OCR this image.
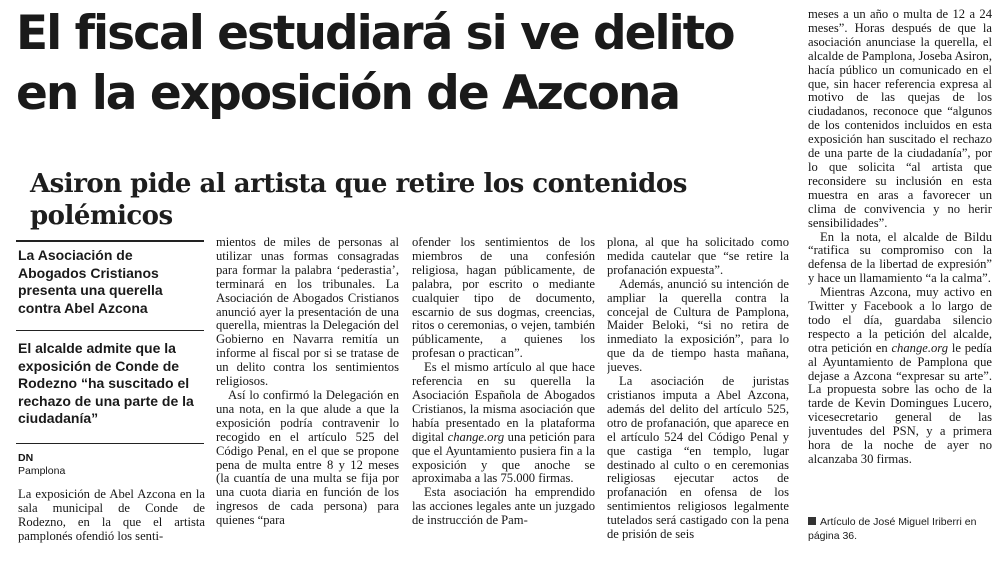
El fiscal estudiará si ve delito
en la exposición de Azcona
Asiron pide al artista que retire los contenidos polémicos

La Asociación de Abogados Cristianos presenta una querella contra Abel Azcona

El alcalde admite que la exposición de Conde de Rodezno “ha suscitado el rechazo de una parte de la ciudadanía”

DN
Pamplona

La exposición de Abel Azcona en la sala municipal de Conde de Rodezno, en la que el artista pamplonés ofendió los senti-

mientos de miles de personas al utilizar unas formas consagradas para formar la palabra ‘pederastia’, terminará en los tribunales. La Asociación de Abogados Cristianos anunció ayer la presentación de una querella, mientras la Delegación del Gobierno en Navarra remitía un informe al fiscal por si se tratase de un delito contra los sentimientos religiosos.

Así lo confirmó la Delegación en una nota, en la que alude a que la exposición podría contravenir lo recogido en el artículo 525 del Código Penal, en el que se propone pena de multa entre 8 y 12 meses (la cuantía de una multa se fija por una cuota diaria en función de los ingresos de cada persona) para quienes “para

ofender los sentimientos de los miembros de una confesión religiosa, hagan públicamente, de palabra, por escrito o mediante cualquier tipo de documento, escarnio de sus dogmas, creencias, ritos o ceremonias, o vejen, también públicamente, a quienes los profesan o practican”.

Es el mismo artículo al que hace referencia en su querella la Asociación Española de Abogados Cristianos, la misma asociación que había presentado en la plataforma digital change.org una petición para que el Ayuntamiento pusiera fin a la exposición y que anoche se aproximaba a las 75.000 firmas.

Esta asociación ha emprendido las acciones legales ante un juzgado de instrucción de Pam-

plona, al que ha solicitado como medida cautelar que “se retire la profanación expuesta”.

Además, anunció su intención de ampliar la querella contra la concejal de Cultura de Pamplona, Maider Beloki, “si no retira de inmediato la exposición”, para lo que da de tiempo hasta mañana, jueves.

La asociación de juristas cristianos imputa a Abel Azcona, además del delito del artículo 525, otro de profanación, que aparece en el artículo 524 del Código Penal y que castiga “en templo, lugar destinado al culto o en ceremonias religiosas ejecutar actos de profanación en ofensa de los sentimientos religiosos legalmente tutelados será castigado con la pena de prisión de seis

meses a un año o multa de 12 a 24 meses”. Horas después de que la asociación anunciase la querella, el alcalde de Pamplona, Joseba Asiron, hacía público un comunicado en el que, sin hacer referencia expresa al motivo de las quejas de los ciudadanos, reconoce que “algunos de los contenidos incluidos en esta exposición han suscitado el rechazo de una parte de la ciudadanía”, por lo que solicita “al artista que reconsidere su inclusión en esta muestra en aras a favorecer un clima de convivencia y no herir sensibilidades”.

En la nota, el alcalde de Bildu “ratifica su compromiso con la defensa de la libertad de expresión” y hace un llamamiento “a la calma”.

Mientras Azcona, muy activo en Twitter y Facebook a lo largo de todo el día, guardaba silencio respecto a la petición del alcalde, otra petición en change.org le pedía al Ayuntamiento de Pamplona que dejase a Azcona “expresar su arte”. La propuesta sobre las ocho de la tarde de Kevin Domingues Lucero, vicesecretario general de las juventudes del PSN, y a primera hora de la noche de ayer no alcanzaba 30 firmas.

Artículo de José Miguel Iriberri en página 36.
